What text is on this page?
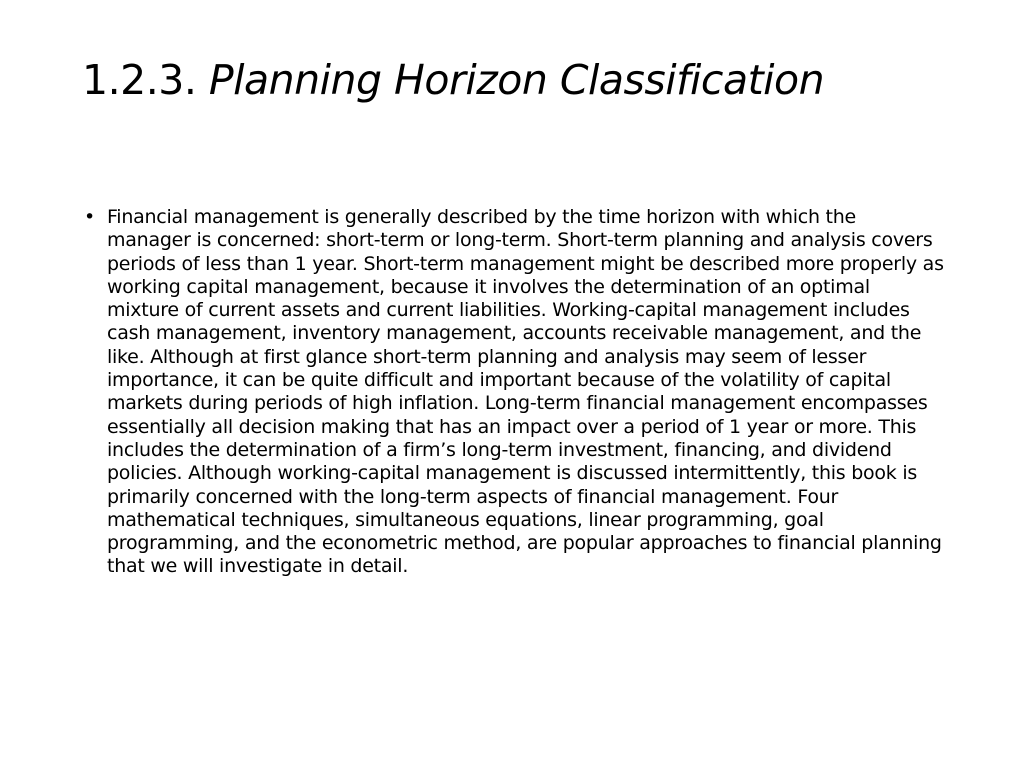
1.2.3. Planning Horizon Classification
• Financial management is generally described by the time horizon with which the manager is concerned: short-term or long-term. Short-term planning and analysis covers periods of less than 1 year. Short-term management might be described more properly as working capital management, because it involves the determination of an optimal mixture of current assets and current liabilities. Working-capital management includes cash management, inventory management, accounts receivable management, and the like. Although at first glance short-term planning and analysis may seem of lesser importance, it can be quite difficult and important because of the volatility of capital markets during periods of high inflation. Long-term financial management encompasses essentially all decision making that has an impact over a period of 1 year or more. This includes the determination of a firm’s long-term investment, financing, and dividend policies. Although working-capital management is discussed intermittently, this book is primarily concerned with the long-term aspects of financial management. Four mathematical techniques, simultaneous equations, linear programming, goal programming, and the econometric method, are popular approaches to financial planning that we will investigate in detail.
